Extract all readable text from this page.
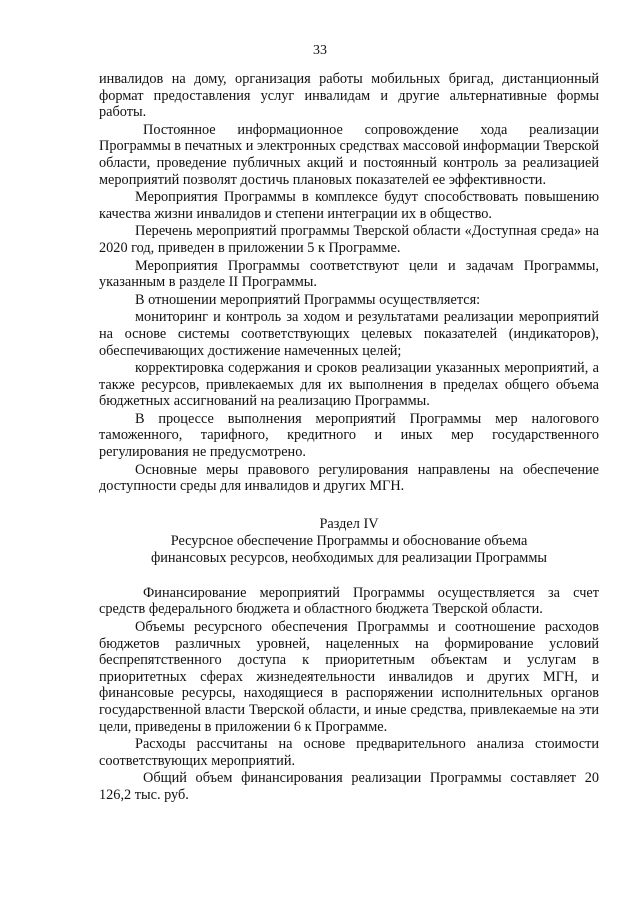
33

инвалидов на дому, организация работы мобильных бригад, дистанционный формат предоставления услуг инвалидам и другие альтернативные формы работы.

Постоянное информационное сопровождение хода реализации Программы в печатных и электронных средствах массовой информации Тверской области, проведение публичных акций и постоянный контроль за реализацией мероприятий позволят достичь плановых показателей ее эффективности.

Мероприятия Программы в комплексе будут способствовать повышению качества жизни инвалидов и степени интеграции их в общество.

Перечень мероприятий программы Тверской области «Доступная среда» на 2020 год, приведен в приложении 5 к Программе.

Мероприятия Программы соответствуют цели и задачам Программы, указанным в разделе II Программы.

В отношении мероприятий Программы осуществляется:

мониторинг и контроль за ходом и результатами реализации мероприятий на основе системы соответствующих целевых показателей (индикаторов), обеспечивающих достижение намеченных целей;

корректировка содержания и сроков реализации указанных мероприятий, а также ресурсов, привлекаемых для их выполнения в пределах общего объема бюджетных ассигнований на реализацию Программы.

В процессе выполнения мероприятий Программы мер налогового таможенного, тарифного, кредитного и иных мер государственного регулирования не предусмотрено.

Основные меры правового регулирования направлены на обеспечение доступности среды для инвалидов и других МГН.

Раздел IV
Ресурсное обеспечение Программы и обоснование объема
финансовых ресурсов, необходимых для реализации Программы

Финансирование мероприятий Программы осуществляется за счет средств федерального бюджета и областного бюджета Тверской области.

Объемы ресурсного обеспечения Программы и соотношение расходов бюджетов различных уровней, нацеленных на формирование условий беспрепятственного доступа к приоритетным объектам и услугам в приоритетных сферах жизнедеятельности инвалидов и других МГН, и финансовые ресурсы, находящиеся в распоряжении исполнительных органов государственной власти Тверской области, и иные средства, привлекаемые на эти цели, приведены в приложении 6 к Программе.

Расходы рассчитаны на основе предварительного анализа стоимости соответствующих мероприятий.

Общий объем финансирования реализации Программы составляет 20 126,2 тыс. руб.
